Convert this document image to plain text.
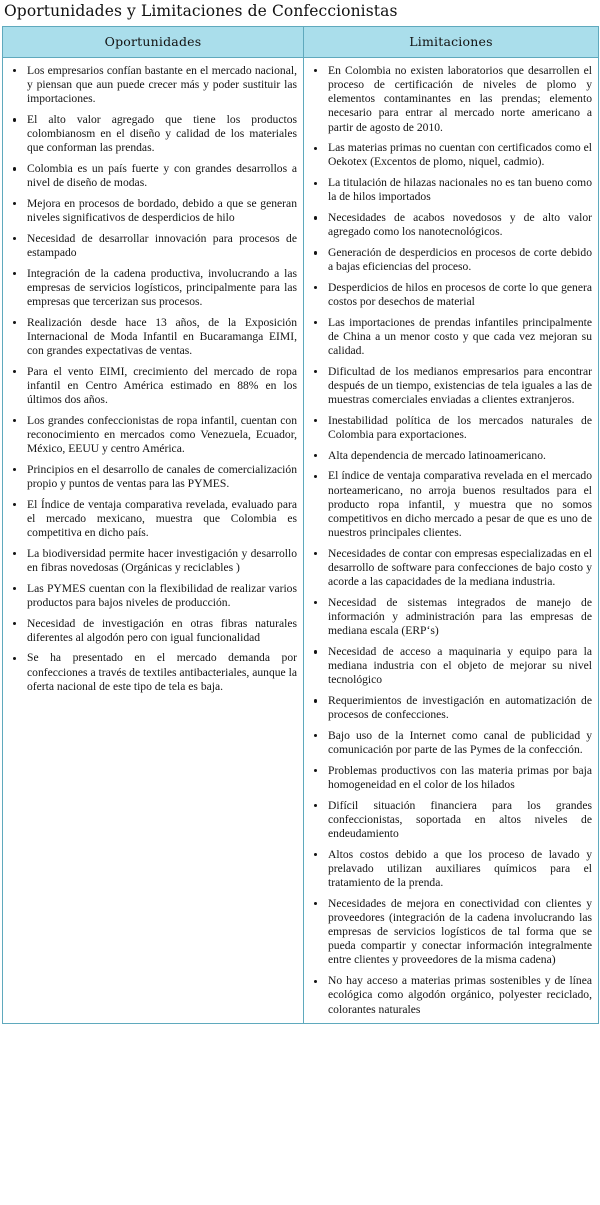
Oportunidades y Limitaciones de Confeccionistas
Oportunidades	Limitaciones

Los empresarios confían bastante en el mercado nacional, y piensan que aun puede crecer más y poder sustituir las importaciones.
El alto valor agregado que tiene los productos colombianosm en el diseño y calidad de los materiales que conforman las prendas.
Colombia es un país fuerte y con grandes desarrollos a nivel de diseño de modas.
Mejora en procesos de bordado, debido a que se generan niveles significativos de desperdicios de hilo
Necesidad de desarrollar innovación para procesos de estampado
Integración de la cadena productiva, involucrando a las empresas de servicios logísticos, principalmente para las empresas que tercerizan sus procesos.
Realización desde hace 13 años, de la Exposición Internacional de Moda Infantil en Bucaramanga EIMI, con grandes expectativas de ventas.
Para el vento EIMI, crecimiento del mercado de ropa infantil en Centro América estimado en 88% en los últimos dos años.
Los grandes confeccionistas de ropa infantil, cuentan con reconocimiento en mercados como Venezuela, Ecuador, México, EEUU y centro América.
Principios en el desarrollo de canales de comercialización propio y puntos de ventas para las PYMES.
El Índice de ventaja comparativa revelada, evaluado para el mercado mexicano, muestra que Colombia es competitiva en dicho país.
La biodiversidad permite hacer investigación y desarrollo en fibras novedosas (Orgánicas y reciclables )
Las PYMES cuentan con la flexibilidad de realizar varios productos para bajos niveles de producción.
Necesidad de investigación en otras fibras naturales diferentes al algodón pero con igual funcionalidad
Se ha presentado en el mercado demanda por confecciones a través de textiles antibacteriales, aunque la oferta nacional de este tipo de tela es baja.

En Colombia no existen laboratorios que desarrollen el proceso de certificación de niveles de plomo y elementos contaminantes en las prendas; elemento necesario para entrar al mercado norte americano a partir de agosto de 2010.
Las materias primas no cuentan con certificados como el Oekotex (Excentos de plomo, niquel, cadmio).
La titulación de hilazas nacionales no es tan bueno como la de hilos importados
Necesidades de acabos novedosos y de alto valor agregado como los nanotecnológicos.
Generación de desperdicios en procesos de corte debido a bajas eficiencias del proceso.
Desperdicios de hilos en procesos de corte lo que genera costos por desechos de material
Las importaciones de prendas infantiles principalmente de China a un menor costo y que cada vez mejoran su calidad.
Dificultad de los medianos empresarios para encontrar después de un tiempo, existencias de tela iguales a las de muestras comerciales enviadas a clientes extranjeros.
Inestabilidad política de los mercados naturales de Colombia para exportaciones.
Alta dependencia de mercado latinoamericano.
El índice de ventaja comparativa revelada en el mercado norteamericano, no arroja buenos resultados para el producto ropa infantil, y muestra que no somos competitivos en dicho mercado a pesar de que es uno de nuestros principales clientes.
Necesidades de contar con empresas especializadas en el desarrollo de software para confecciones de bajo costo y acorde a las capacidades de la mediana industria.
Necesidad de sistemas integrados de manejo de información y administración para las empresas de mediana escala (ERP‘s)
Necesidad de acceso a maquinaria y equipo para la mediana industria con el objeto de mejorar su nivel tecnológico
Requerimientos de investigación en automatización de procesos de confecciones.
Bajo uso de la Internet como canal de publicidad y comunicación por parte de las Pymes de la confección.
Problemas productivos con las materia primas por baja homogeneidad en el color de los hilados
Difícil situación financiera para los grandes confeccionistas, soportada en altos niveles de endeudamiento
Altos costos debido a que los proceso de lavado y prelavado utilizan auxiliares químicos para el tratamiento de la prenda.
Necesidades de mejora en conectividad con clientes y proveedores (integración de la cadena involucrando las empresas de servicios logísticos de tal forma que se pueda compartir y conectar información integralmente entre clientes y proveedores de la misma cadena)
No hay acceso a materias primas sostenibles y de línea ecológica como algodón orgánico, polyester reciclado, colorantes naturales
